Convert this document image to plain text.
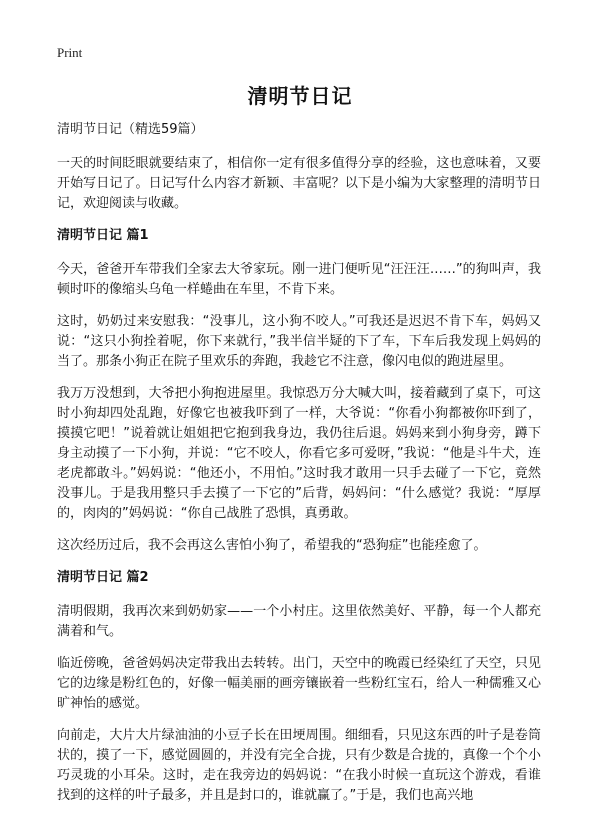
Print
清明节日记

清明节日记（精选59篇）

一天的时间眨眼就要结束了，相信你一定有很多值得分享的经验，这也意味着，又要开始写日记了。日记写什么内容才新颖、丰富呢？以下是小编为大家整理的清明节日记，欢迎阅读与收藏。

清明节日记 篇1

今天，爸爸开车带我们全家去大爷家玩。刚一进门便听见“汪汪汪……”的狗叫声，我顿时吓的像缩头乌龟一样蜷曲在车里，不肯下来。

这时，奶奶过来安慰我：“没事儿，这小狗不咬人。”可我还是迟迟不肯下车，妈妈又说：“这只小狗拴着呢，你下来就行，”我半信半疑的下了车，下车后我发现上妈妈的当了。那条小狗正在院子里欢乐的奔跑，我趁它不注意，像闪电似的跑进屋里。

我万万没想到，大爷把小狗抱进屋里。我惊恐万分大喊大叫，接着藏到了桌下，可这时小狗却四处乱跑，好像它也被我吓到了一样，大爷说：“你看小狗都被你吓到了，摸摸它吧！”说着就让姐姐把它抱到我身边，我仍往后退。妈妈来到小狗身旁，蹲下身主动摸了一下小狗，并说：“它不咬人，你看它多可爱呀，”我说：“他是斗牛犬，连老虎都敢斗。”妈妈说：“他还小，不用怕。”这时我才敢用一只手去碰了一下它，竟然没事儿。于是我用整只手去摸了一下它的”后背，妈妈问：“什么感觉？我说：“厚厚的，肉肉的”妈妈说：“你自己战胜了恐惧，真勇敢。

这次经历过后，我不会再这么害怕小狗了，希望我的“恐狗症”也能痊愈了。

清明节日记 篇2

清明假期，我再次来到奶奶家——一个小村庄。这里依然美好、平静，每一个人都充满着和气。

临近傍晚，爸爸妈妈决定带我出去转转。出门，天空中的晚霞已经染红了天空，只见它的边缘是粉红色的，好像一幅美丽的画旁镶嵌着一些粉红宝石，给人一种儒雅又心旷神怡的感觉。

向前走，大片大片绿油油的小豆子长在田埂周围。细细看，只见这东西的叶子是卷筒状的，摸了一下，感觉圆圆的，并没有完全合拢，只有少数是合拢的，真像一个个小巧灵珑的小耳朵。这时，走在我旁边的妈妈说：“在我小时候一直玩这个游戏，看谁找到的这样的叶子最多，并且是封口的，谁就赢了。”于是，我们也高兴地
